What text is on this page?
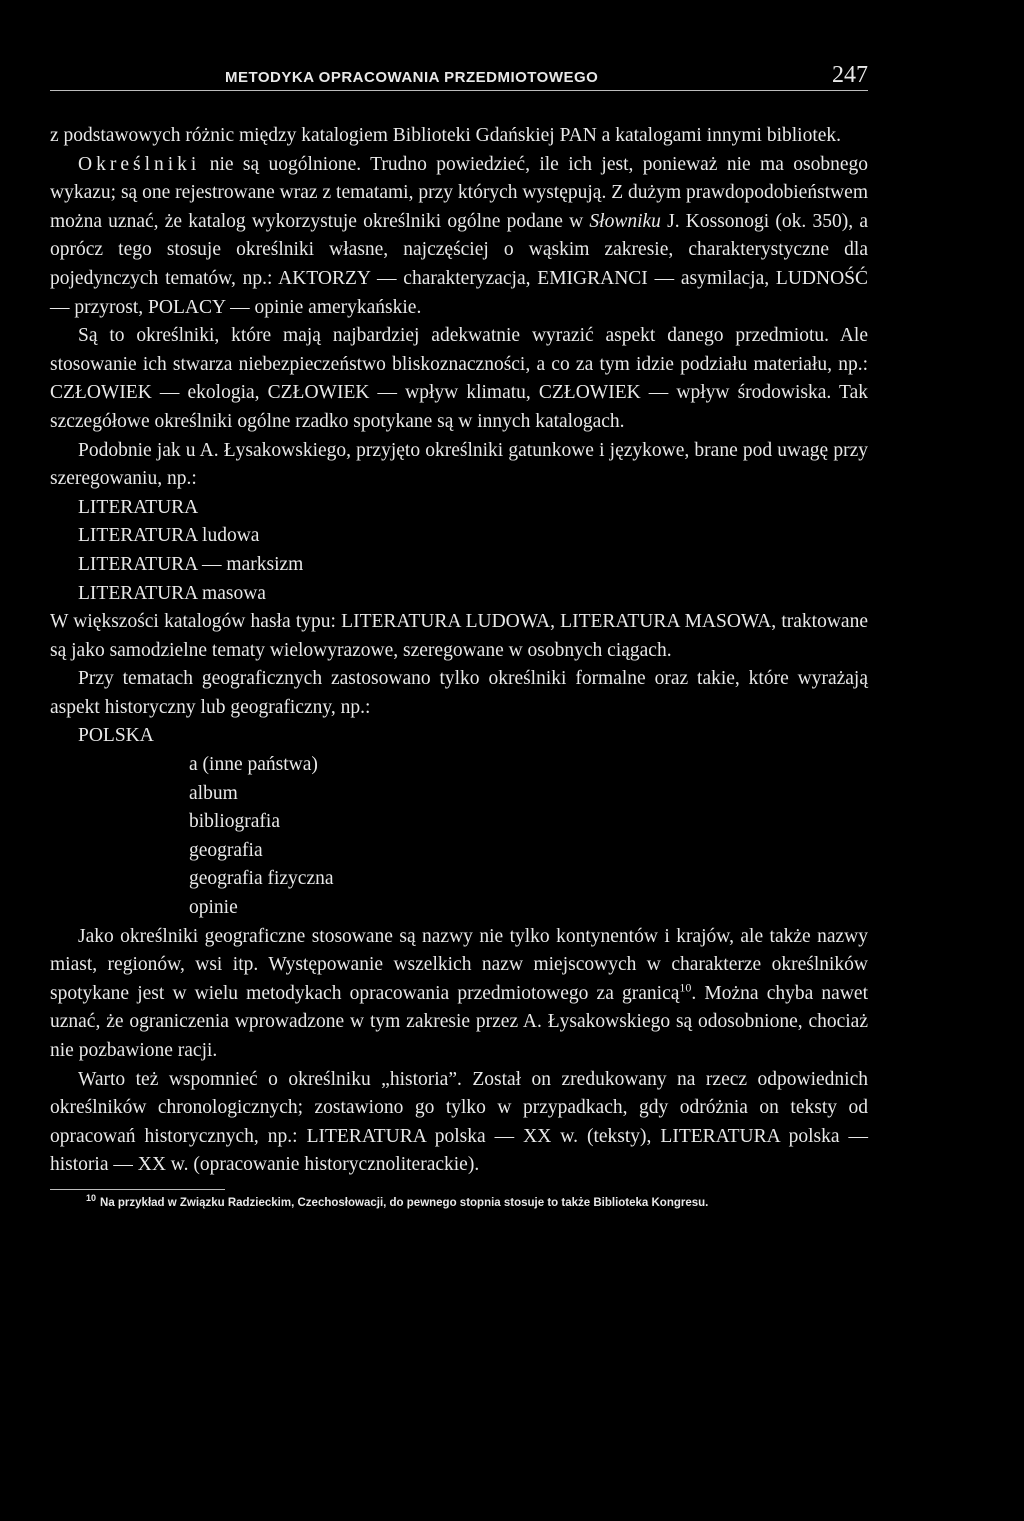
METODYKA OPRACOWANIA PRZEDMIOTOWEGO	247

z podstawowych różnic między katalogiem Biblioteki Gdańskiej PAN a katalogami innymi bibliotek.

Określniki nie są uogólnione. Trudno powiedzieć, ile ich jest, ponieważ nie ma osobnego wykazu; są one rejestrowane wraz z tematami, przy których występują. Z dużym prawdopodobieństwem można uznać, że katalog wykorzystuje określniki ogólne podane w Słowniku J. Kossonogi (ok. 350), a oprócz tego stosuje określniki własne, najczęściej o wąskim zakresie, charakterystyczne dla pojedynczych tematów, np.: AKTORZY — charakteryzacja, EMIGRANCI — asymilacja, LUDNOŚĆ — przyrost, POLACY — opinie amerykańskie.

Są to określniki, które mają najbardziej adekwatnie wyrazić aspekt danego przedmiotu. Ale stosowanie ich stwarza niebezpieczeństwo bliskoznaczności, a co za tym idzie podziału materiału, np.: CZŁOWIEK — ekologia, CZŁOWIEK — wpływ klimatu, CZŁOWIEK — wpływ środowiska. Tak szczegółowe określniki ogólne rzadko spotykane są w innych katalogach.

Podobnie jak u A. Łysakowskiego, przyjęto określniki gatunkowe i językowe, brane pod uwagę przy szeregowaniu, np.:

LITERATURA
LITERATURA ludowa
LITERATURA — marksizm
LITERATURA masowa

W większości katalogów hasła typu: LITERATURA LUDOWA, LITERATURA MASOWA, traktowane są jako samodzielne tematy wielowyrazowe, szeregowane w osobnych ciągach.

Przy tematach geograficznych zastosowano tylko określniki formalne oraz takie, które wyrażają aspekt historyczny lub geograficzny, np.:

POLSKA
a (inne państwa)
album
bibliografia
geografia
geografia fizyczna
opinie

Jako określniki geograficzne stosowane są nazwy nie tylko kontynentów i krajów, ale także nazwy miast, regionów, wsi itp. Występowanie wszelkich nazw miejscowych w charakterze określników spotykane jest w wielu metodykach opracowania przedmiotowego za granicą$^{10}$. Można chyba nawet uznać, że ograniczenia wprowadzone w tym zakresie przez A. Łysakowskiego są odosobnione, chociaż nie pozbawione racji.

Warto też wspomnieć o określniku „historia”. Został on zredukowany na rzecz odpowiednich określników chronologicznych; zostawiono go tylko w przypadkach, gdy odróżnia on teksty od opracowań historycznych, np.: LITERATURA polska — XX w. (teksty), LITERATURA polska — historia — XX w. (opracowanie historycznoliterackie).

$^{10}$ Na przykład w Związku Radzieckim, Czechosłowacji, do pewnego stopnia stosuje to także Biblioteka Kongresu.
